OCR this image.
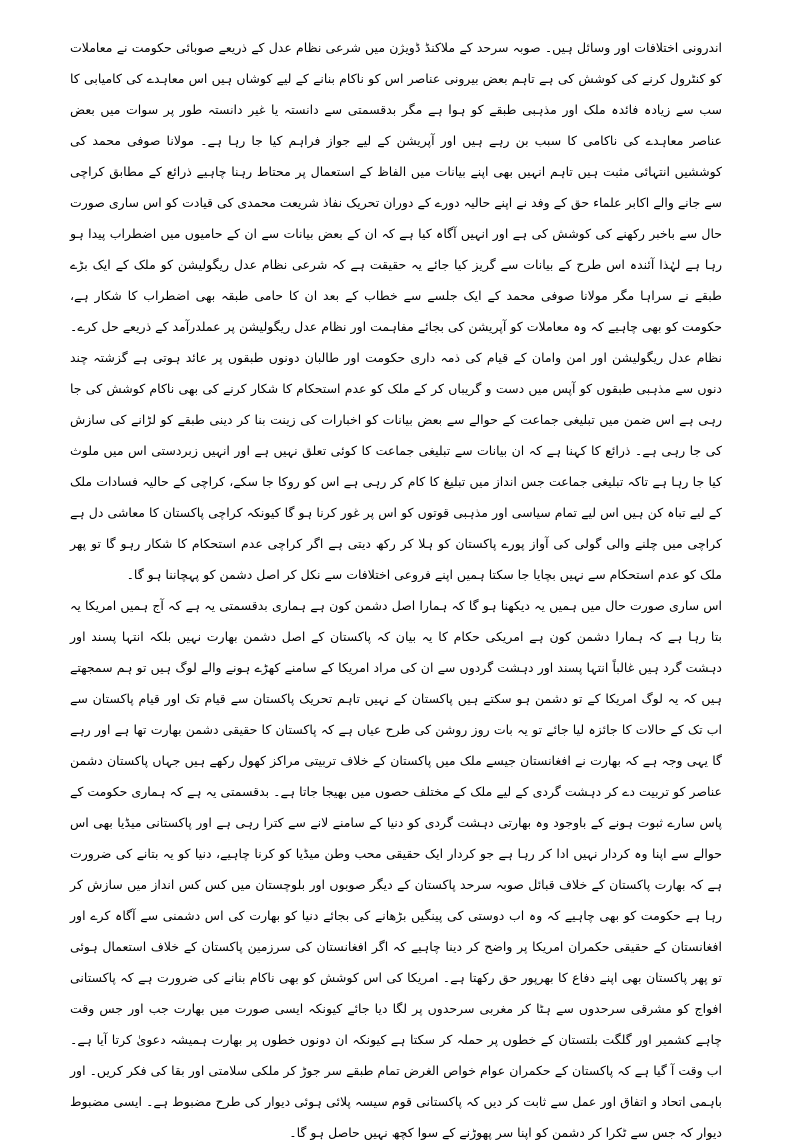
اندرونی اختلافات اور وسائل ہیں۔ صوبہ سرحد کے ملاکنڈ ڈویژن میں شرعی نظام عدل کے ذریعے صوبائی حکومت نے معاملات کو کنٹرول کرنے کی کوشش کی ہے تاہم بعض بیرونی عناصر اس کو ناکام بنانے کے لیے کوشاں ہیں اس معاہدے کی کامیابی کا سب سے زیادہ فائدہ ملک اور مذہبی طبقے کو ہوا ہے مگر بدقسمتی سے دانستہ یا غیر دانستہ طور پر سوات میں بعض عناصر معاہدے کی ناکامی کا سبب بن رہے ہیں اور آپریشن کے لیے جواز فراہم کیا جا رہا ہے۔ مولانا صوفی محمد کی کوششیں انتہائی مثبت ہیں تاہم انہیں بھی اپنے بیانات میں الفاظ کے استعمال پر محتاط رہنا چاہیے ذرائع کے مطابق کراچی سے جانے والے اکابر علماء حق کے وفد نے اپنے حالیہ دورے کے دوران تحریک نفاذ شریعت محمدی کی قیادت کو اس ساری صورت حال سے باخبر رکھنے کی کوشش کی ہے اور انہیں آگاہ کیا ہے کہ ان کے بعض بیانات سے ان کے حامیوں میں اضطراب پیدا ہو رہا ہے لہٰذا آئندہ اس طرح کے بیانات سے گریز کیا جائے یہ حقیقت ہے کہ شرعی نظام عدل ریگولیشن کو ملک کے ایک بڑے طبقے نے سراہا مگر مولانا صوفی محمد کے ایک جلسے سے خطاب کے بعد ان کا حامی طبقہ بھی اضطراب کا شکار ہے، حکومت کو بھی چاہیے کہ وہ معاملات کو آپریشن کی بجائے مفاہمت اور نظام عدل ریگولیشن پر عملدرآمد کے ذریعے حل کرے۔ نظام عدل ریگولیشن اور امن وامان کے قیام کی ذمہ داری حکومت اور طالبان دونوں طبقوں پر عائد ہوتی ہے گزشتہ چند دنوں سے مذہبی طبقوں کو آپس میں دست و گریباں کر کے ملک کو عدم استحکام کا شکار کرنے کی بھی ناکام کوشش کی جا رہی ہے اس ضمن میں تبلیغی جماعت کے حوالے سے بعض بیانات کو اخبارات کی زینت بنا کر دینی طبقے کو لڑانے کی سازش کی جا رہی ہے۔ ذرائع کا کہنا ہے کہ ان بیانات سے تبلیغی جماعت کا کوئی تعلق نہیں ہے اور انہیں زبردستی اس میں ملوث کیا جا رہا ہے تاکہ تبلیغی جماعت جس انداز میں تبلیغ کا کام کر رہی ہے اس کو روکا جا سکے، کراچی کے حالیہ فسادات ملک کے لیے تباہ کن ہیں اس لیے تمام سیاسی اور مذہبی قوتوں کو اس پر غور کرنا ہو گا کیونکہ کراچی پاکستان کا معاشی دل ہے کراچی میں چلنے والی گولی کی آواز پورے پاکستان کو ہلا کر رکھ دیتی ہے اگر کراچی عدم استحکام کا شکار رہو گا تو پھر ملک کو عدم استحکام سے نہیں بچایا جا سکتا ہمیں اپنے فروعی اختلافات سے نکل کر اصل دشمن کو پہچاننا ہو گا۔

اس ساری صورت حال میں ہمیں یہ دیکھنا ہو گا کہ ہمارا اصل دشمن کون ہے ہماری بدقسمتی یہ ہے کہ آج ہمیں امریکا یہ بتا رہا ہے کہ ہمارا دشمن کون ہے امریکی حکام کا یہ بیان کہ پاکستان کے اصل دشمن بھارت نہیں بلکہ انتہا پسند اور دہشت گرد ہیں غالباً انتہا پسند اور دہشت گردوں سے ان کی مراد امریکا کے سامنے کھڑے ہونے والے لوگ ہیں تو ہم سمجھتے ہیں کہ یہ لوگ امریکا کے تو دشمن ہو سکتے ہیں پاکستان کے نہیں تاہم تحریک پاکستان سے قیام تک اور قیام پاکستان سے اب تک کے حالات کا جائزہ لیا جائے تو یہ بات روز روشن کی طرح عیاں ہے کہ پاکستان کا حقیقی دشمن بھارت تھا ہے اور رہے گا یہی وجہ ہے کہ بھارت نے افغانستان جیسے ملک میں پاکستان کے خلاف تربیتی مراکز کھول رکھے ہیں جہاں پاکستان دشمن عناصر کو تربیت دے کر دہشت گردی کے لیے ملک کے مختلف حصوں میں بھیجا جاتا ہے۔ بدقسمتی یہ ہے کہ ہماری حکومت کے پاس سارے ثبوت ہونے کے باوجود وہ بھارتی دہشت گردی کو دنیا کے سامنے لانے سے کترا رہی ہے اور پاکستانی میڈیا بھی اس حوالے سے اپنا وہ کردار نہیں ادا کر رہا ہے جو کردار ایک حقیقی محب وطن میڈیا کو کرنا چاہیے، دنیا کو یہ بتانے کی ضرورت ہے کہ بھارت پاکستان کے خلاف قبائل صوبہ سرحد پاکستان کے دیگر صوبوں اور بلوچستان میں کس کس انداز میں سازش کر رہا ہے حکومت کو بھی چاہیے کہ وہ اب دوستی کی پینگیں بڑھانے کی بجائے دنیا کو بھارت کی اس دشمنی سے آگاہ کرے اور افغانستان کے حقیقی حکمران امریکا پر واضح کر دینا چاہیے کہ اگر افغانستان کی سرزمین پاکستان کے خلاف استعمال ہوئی تو پھر پاکستان بھی اپنے دفاع کا بھرپور حق رکھتا ہے۔ امریکا کی اس کوشش کو بھی ناکام بنانے کی ضرورت ہے کہ پاکستانی افواج کو مشرقی سرحدوں سے ہٹا کر مغربی سرحدوں پر لگا دیا جائے کیونکہ ایسی صورت میں بھارت جب اور جس وقت چاہے کشمیر اور گلگت بلتستان کے خطوں پر حملہ کر سکتا ہے کیونکہ ان دونوں خطوں پر بھارت ہمیشہ دعویٰ کرتا آیا ہے۔ اب وقت آ گیا ہے کہ پاکستان کے حکمران عوام خواص الغرض تمام طبقے سر جوڑ کر ملکی سلامتی اور بقا کی فکر کریں۔ اور باہمی اتحاد و اتفاق اور عمل سے ثابت کر دیں کہ پاکستانی قوم سیسہ پلائی ہوئی دیوار کی طرح مضبوط ہے۔ ایسی مضبوط دیوار کہ جس سے ٹکرا کر دشمن کو اپنا سر پھوڑنے کے سوا کچھ نہیں حاصل ہو گا۔
